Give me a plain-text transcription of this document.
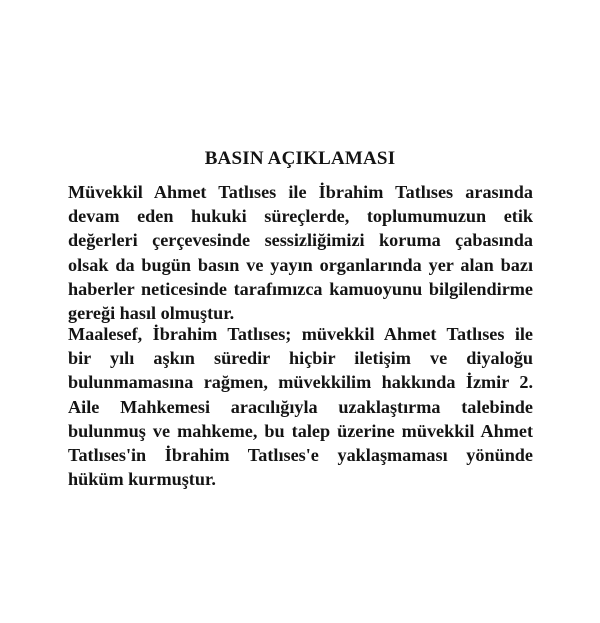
BASIN AÇIKLAMASI
Müvekkil Ahmet Tatlıses ile İbrahim Tatlıses arasında
devam eden hukuki süreçlerde, toplumumuzun etik
değerleri çerçevesinde sessizliğimizi koruma çabasında
olsak da bugün basın ve yayın organlarında yer alan bazı
haberler neticesinde tarafımızca kamuoyunu bilgilendirme
gereği hasıl olmuştur.
Maalesef, İbrahim Tatlıses; müvekkil Ahmet Tatlıses ile
bir yılı aşkın süredir hiçbir iletişim ve diyaloğu
bulunmamasına rağmen, müvekkilim hakkında İzmir 2.
Aile Mahkemesi aracılığıyla uzaklaştırma talebinde
bulunmuş ve mahkeme, bu talep üzerine müvekkil Ahmet
Tatlıses'in İbrahim Tatlıses'e yaklaşmaması yönünde
hüküm kurmuştur.
